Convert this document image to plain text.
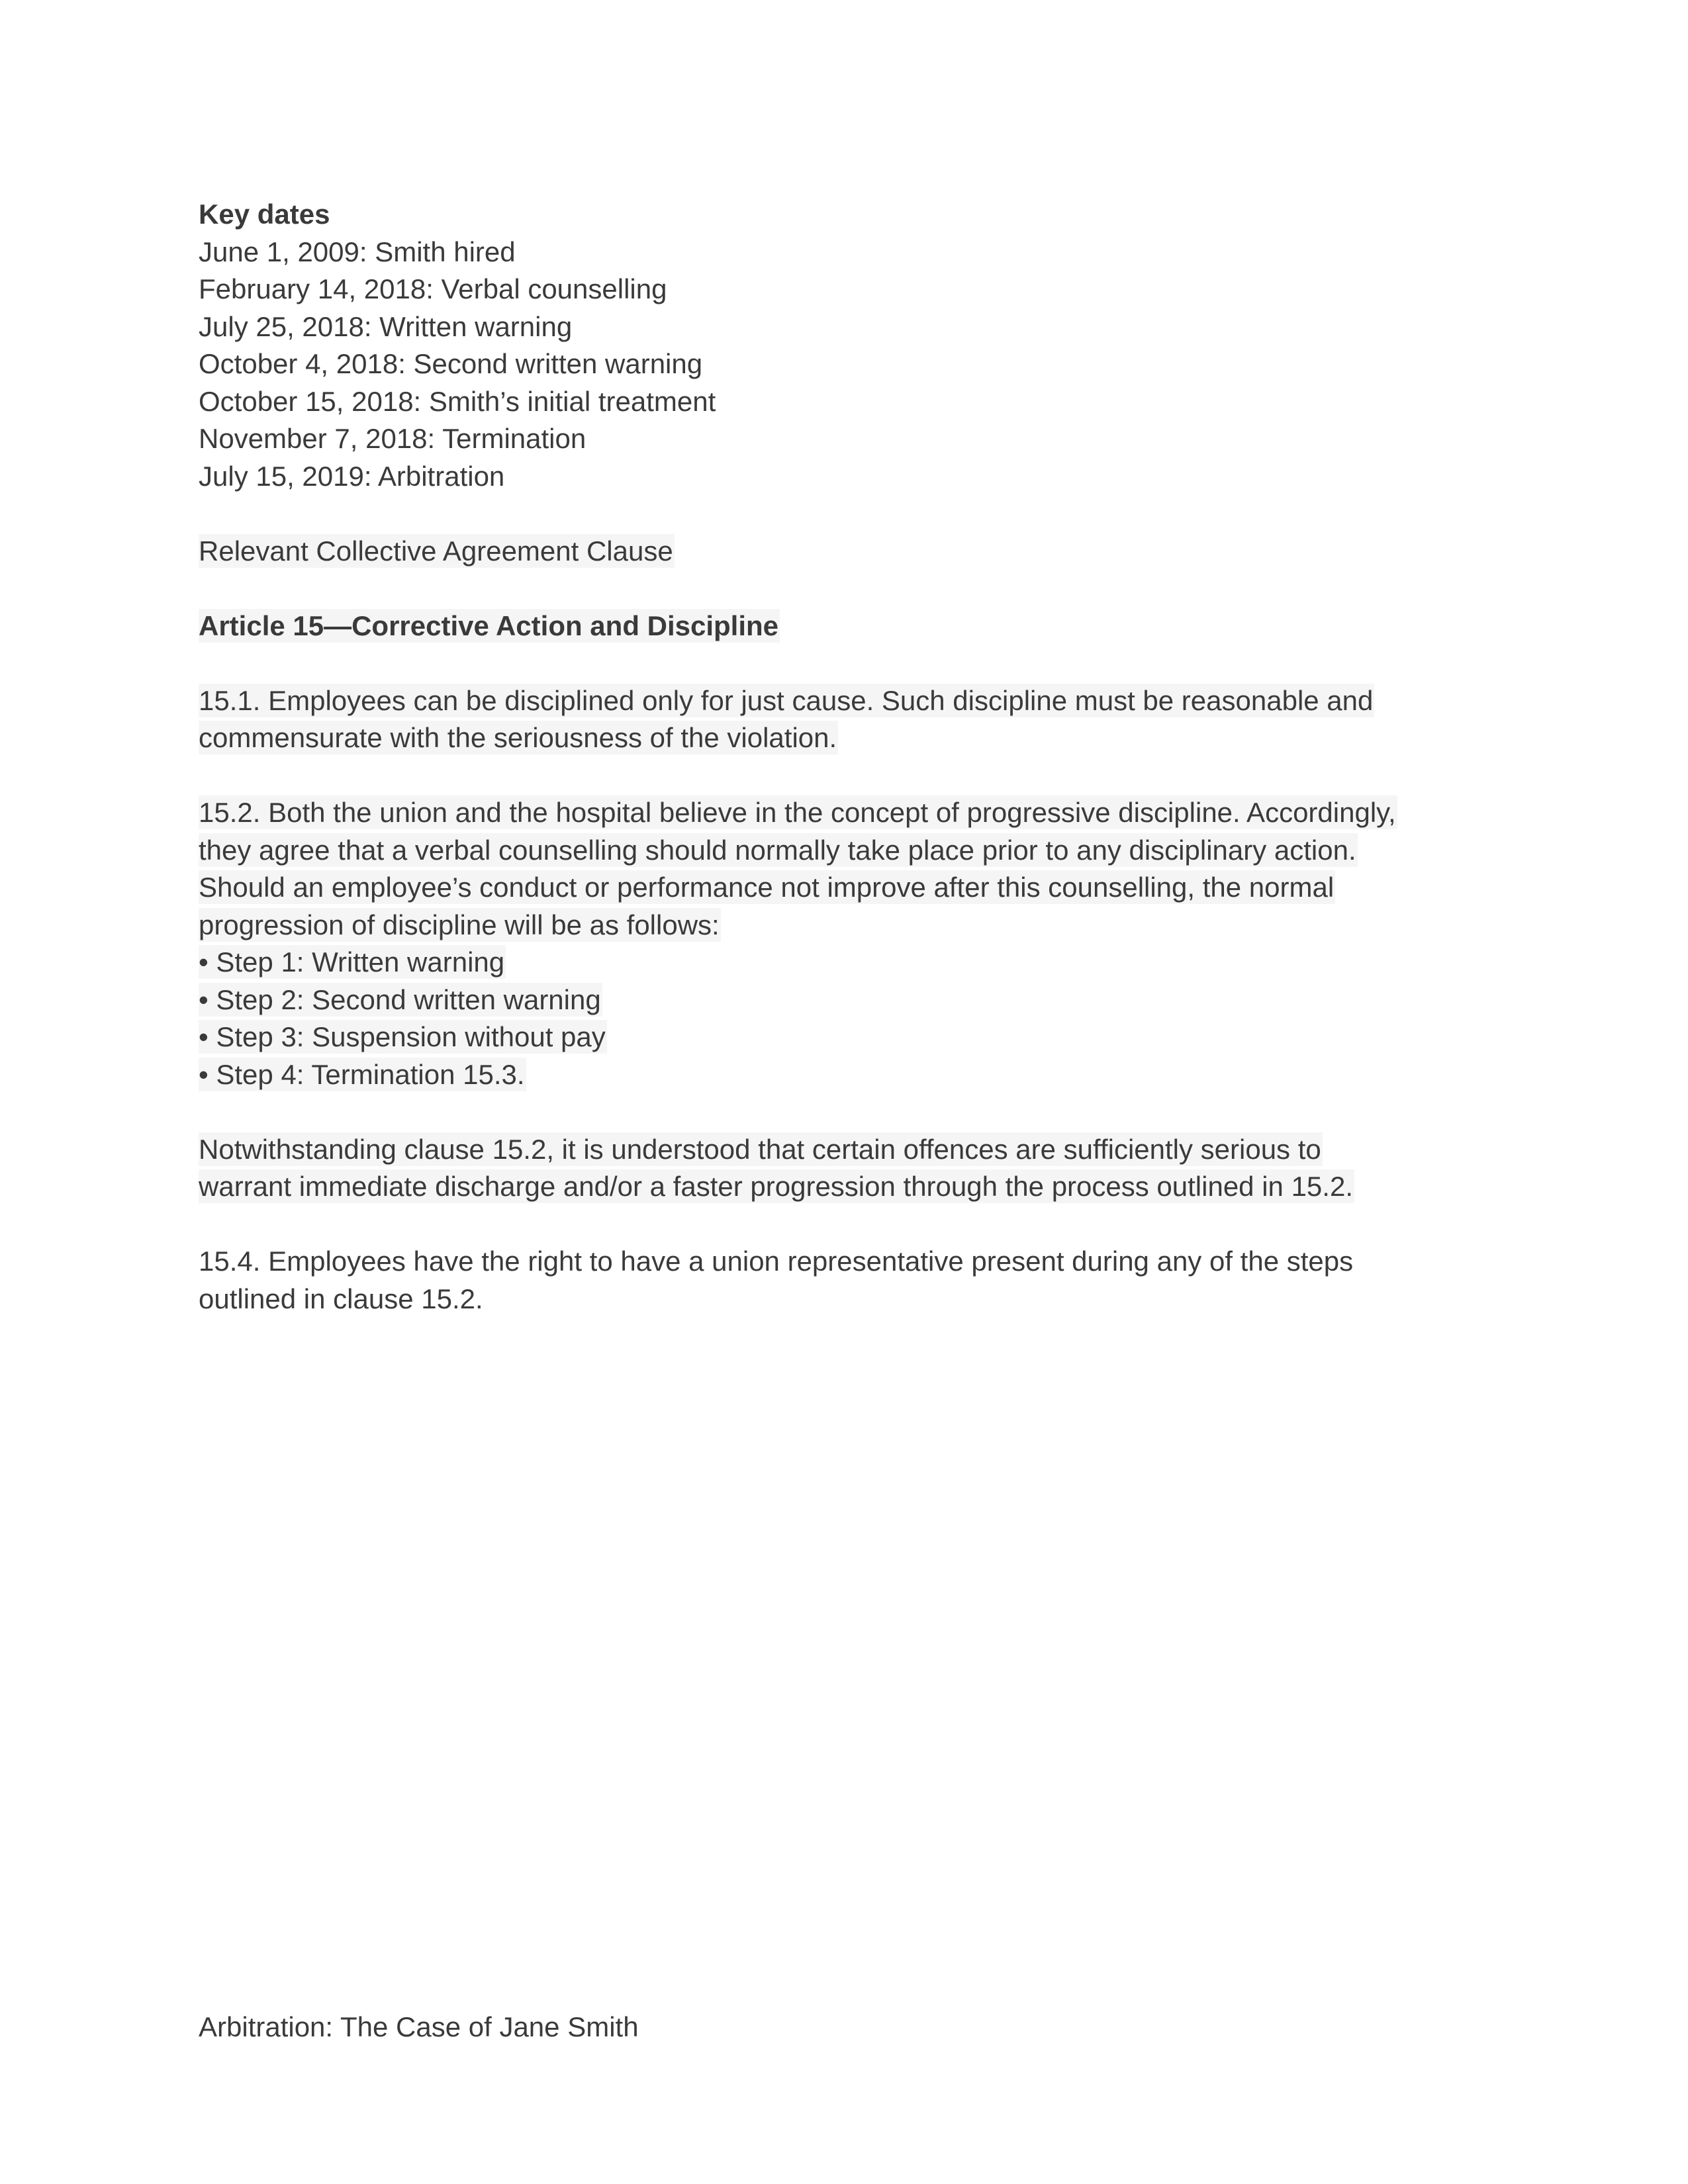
Key dates

June 1, 2009: Smith hired

February 14, 2018: Verbal counselling

July 25, 2018: Written warning

October 4, 2018: Second written warning

October 15, 2018: Smith’s initial treatment

November 7, 2018: Termination

July 15, 2019: Arbitration

Relevant Collective Agreement Clause

Article 15—Corrective Action and Discipline

15.1. Employees can be disciplined only for just cause. Such discipline must be reasonable and

commensurate with the seriousness of the violation.

15.2. Both the union and the hospital believe in the concept of progressive discipline. Accordingly,

they agree that a verbal counselling should normally take place prior to any disciplinary action.

Should an employee’s conduct or performance not improve after this counselling, the normal

progression of discipline will be as follows:

• Step 1: Written warning

• Step 2: Second written warning

• Step 3: Suspension without pay

• Step 4: Termination 15.3.

Notwithstanding clause 15.2, it is understood that certain offences are sufficiently serious to

warrant immediate discharge and/or a faster progression through the process outlined in 15.2.

15.4. Employees have the right to have a union representative present during any of the steps

outlined in clause 15.2.

Arbitration: The Case of Jane Smith
